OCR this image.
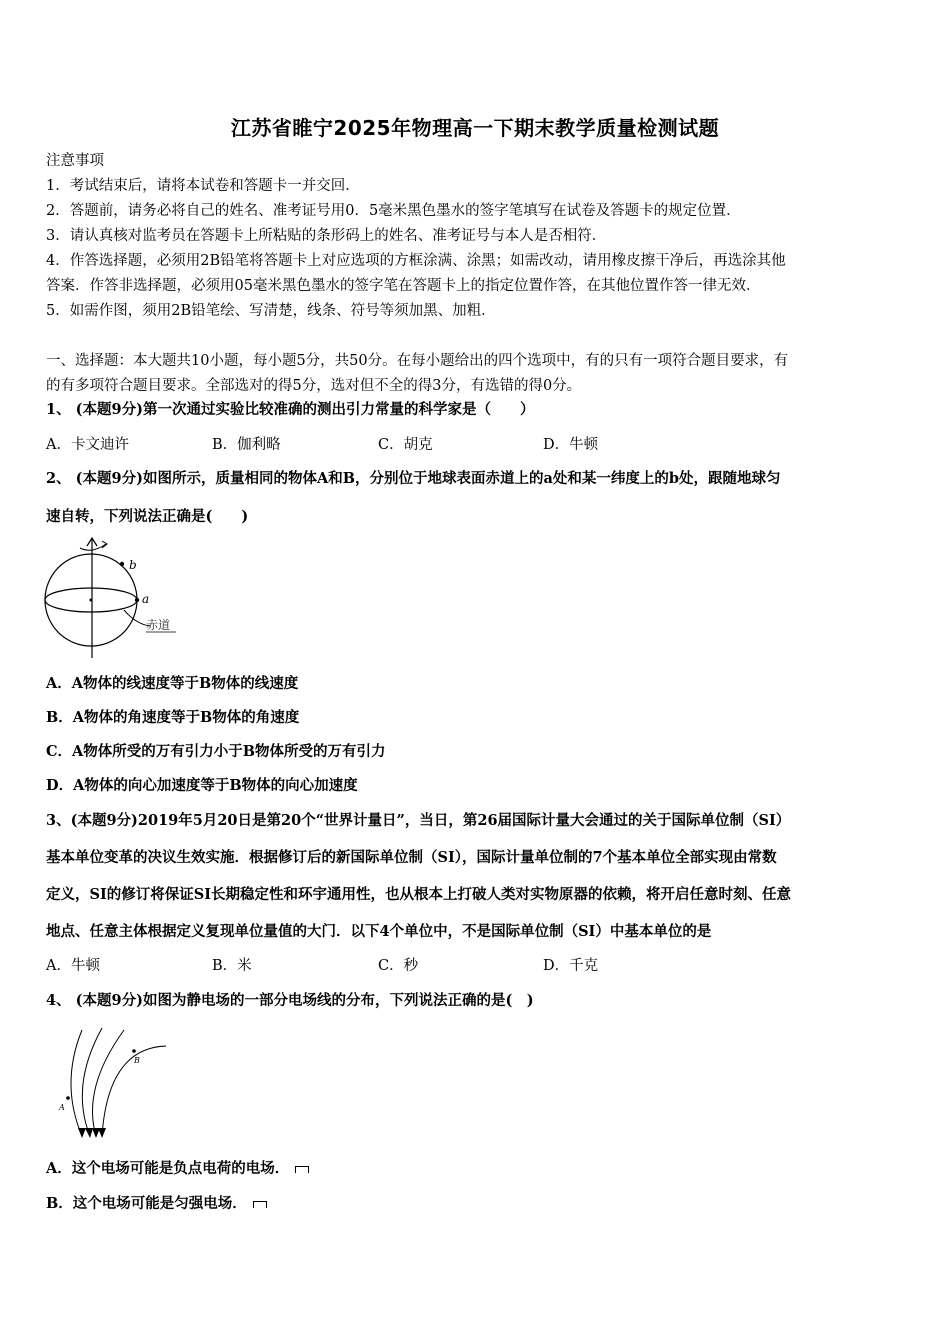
江苏省睢宁2025年物理高一下期末教学质量检测试题
注意事项
1．考试结束后，请将本试卷和答题卡一并交回．
2．答题前，请务必将自己的姓名、准考证号用0．5毫米黑色墨水的签字笔填写在试卷及答题卡的规定位置．
3．请认真核对监考员在答题卡上所粘贴的条形码上的姓名、准考证号与本人是否相符．
4．作答选择题，必须用2B铅笔将答题卡上对应选项的方框涂满、涂黑；如需改动，请用橡皮擦干净后，再选涂其他
答案．作答非选择题，必须用05毫米黑色墨水的签字笔在答题卡上的指定位置作答，在其他位置作答一律无效．
5．如需作图，须用2B铅笔绘、写清楚，线条、符号等须加黑、加粗．
一、选择题：本大题共10小题，每小题5分，共50分。在每小题给出的四个选项中，有的只有一项符合题目要求，有
的有多项符合题目要求。全部选对的得5分，选对但不全的得3分，有选错的得0分。
1、 (本题9分)第一次通过实验比较准确的测出引力常量的科学家是（　　）
A．卡文迪许	B．伽利略	C．胡克	D．牛顿
2、 (本题9分)如图所示，质量相同的物体A和B，分别位于地球表面赤道上的a处和某一纬度上的b处，跟随地球匀
速自转，下列说法正确是(　　)
b
a
赤道
A．A物体的线速度等于B物体的线速度
B．A物体的角速度等于B物体的角速度
C．A物体所受的万有引力小于B物体所受的万有引力
D．A物体的向心加速度等于B物体的向心加速度
3、(本题9分)2019年5月20日是第20个“世界计量日”，当日，第26届国际计量大会通过的关于国际单位制（SI）
基本单位变革的决议生效实施．根据修订后的新国际单位制（SI），国际计量单位制的7个基本单位全部实现由常数
定义，SI的修订将保证SI长期稳定性和环宇通用性，也从根本上打破人类对实物原器的依赖，将开启任意时刻、任意
地点、任意主体根据定义复现单位量值的大门．以下4个单位中，不是国际单位制（SI）中基本单位的是
A．牛顿	B．米	C．秒	D．千克
4、 (本题9分)如图为静电场的一部分电场线的分布，下列说法正确的是(　)
A
B
A．这个电场可能是负点电荷的电场．
B．这个电场可能是匀强电场．
